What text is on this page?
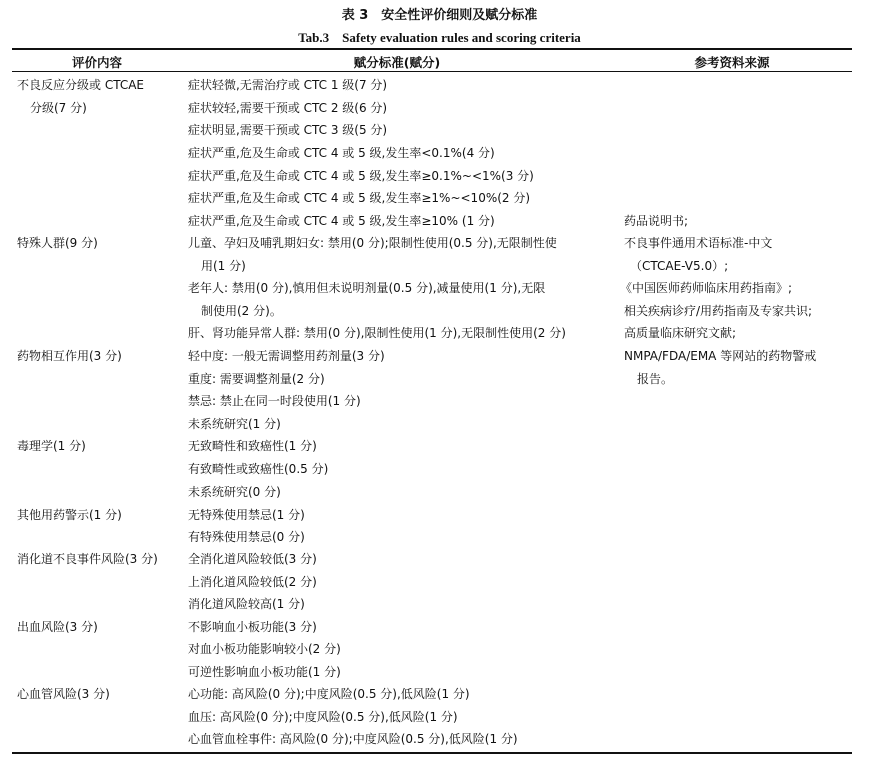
表 3　安全性评价细则及赋分标准
Tab.3　Safety evaluation rules and scoring criteria
评价内容	赋分标准(赋分)	参考资料来源
不良反应分级或 CTCAE
分级(7 分)
特殊人群(9 分)
药物相互作用(3 分)
毒理学(1 分)
其他用药警示(1 分)
消化道不良事件风险(3 分)
出血风险(3 分)
心血管风险(3 分)
症状轻微,无需治疗或 CTC 1 级(7 分)
症状较轻,需要干预或 CTC 2 级(6 分)
症状明显,需要干预或 CTC 3 级(5 分)
症状严重,危及生命或 CTC 4 或 5 级,发生率<0.1%(4 分)
症状严重,危及生命或 CTC 4 或 5 级,发生率≥0.1%~<1%(3 分)
症状严重,危及生命或 CTC 4 或 5 级,发生率≥1%~<10%(2 分)
症状严重,危及生命或 CTC 4 或 5 级,发生率≥10% (1 分)
儿童、孕妇及哺乳期妇女: 禁用(0 分);限制性使用(0.5 分),无限制性使
用(1 分)
老年人: 禁用(0 分),慎用但未说明剂量(0.5 分),减量使用(1 分),无限
制使用(2 分)。
肝、肾功能异常人群: 禁用(0 分),限制性使用(1 分),无限制性使用(2 分)
轻中度: 一般无需调整用药剂量(3 分)
重度: 需要调整剂量(2 分)
禁忌: 禁止在同一时段使用(1 分)
未系统研究(1 分)
无致畸性和致癌性(1 分)
有致畸性或致癌性(0.5 分)
未系统研究(0 分)
无特殊使用禁忌(1 分)
有特殊使用禁忌(0 分)
全消化道风险较低(3 分)
上消化道风险较低(2 分)
消化道风险较高(1 分)
不影响血小板功能(3 分)
对血小板功能影响较小(2 分)
可逆性影响血小板功能(1 分)
心功能: 高风险(0 分);中度风险(0.5 分),低风险(1 分)
血压: 高风险(0 分);中度风险(0.5 分),低风险(1 分)
心血管血栓事件: 高风险(0 分);中度风险(0.5 分),低风险(1 分)
药品说明书;
不良事件通用术语标准-中文
（CTCAE-V5.0）;
《中国医师药师临床用药指南》;
相关疾病诊疗/用药指南及专家共识;
高质量临床研究文献;
NMPA/FDA/EMA 等网站的药物警戒
报告。
